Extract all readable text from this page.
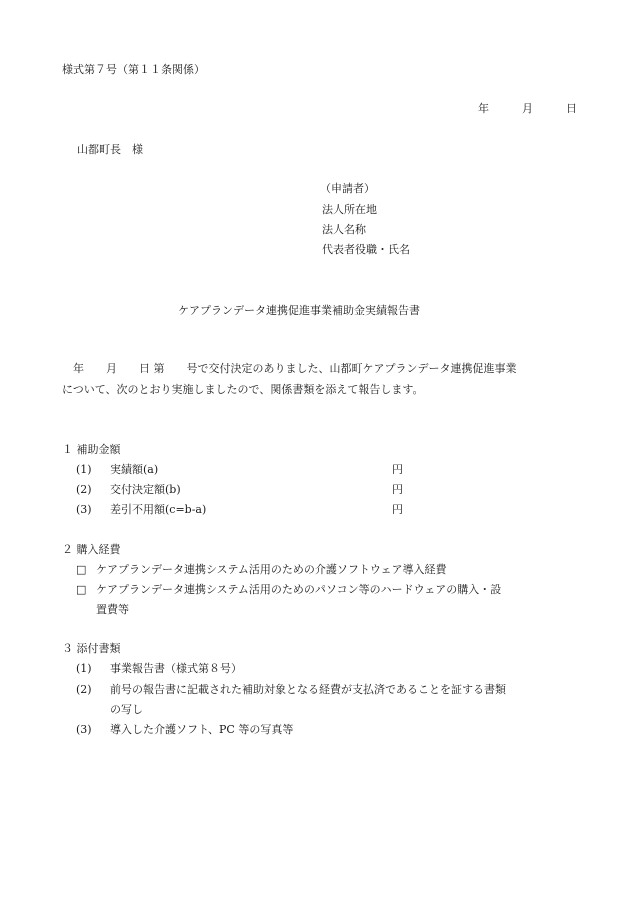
様式第７号（第１１条関係）
年	月	日
山都町長　様
（申請者）
法人所在地
法人名称
代表者役職・氏名
ケアプランデータ連携促進事業補助金実績報告書
　年　　月　　日 第　　号で交付決定のありました、山都町ケアプランデータ連携促進事業
について、次のとおり実施しましたので、関係書類を添えて報告します。
１ 補助金額
(1) 実績額(a)	円
(2) 交付決定額(b)	円
(3) 差引不用額(c=b-a)	円
２ 購入経費
□ ケアプランデータ連携システム活用のための介護ソフトウェア導入経費
□ ケアプランデータ連携システム活用のためのパソコン等のハードウェアの購入・設
置費等
３ 添付書類
(1) 事業報告書（様式第８号）
(2) 前号の報告書に記載された補助対象となる経費が支払済であることを証する書類
の写し
(3) 導入した介護ソフト、PC 等の写真等
